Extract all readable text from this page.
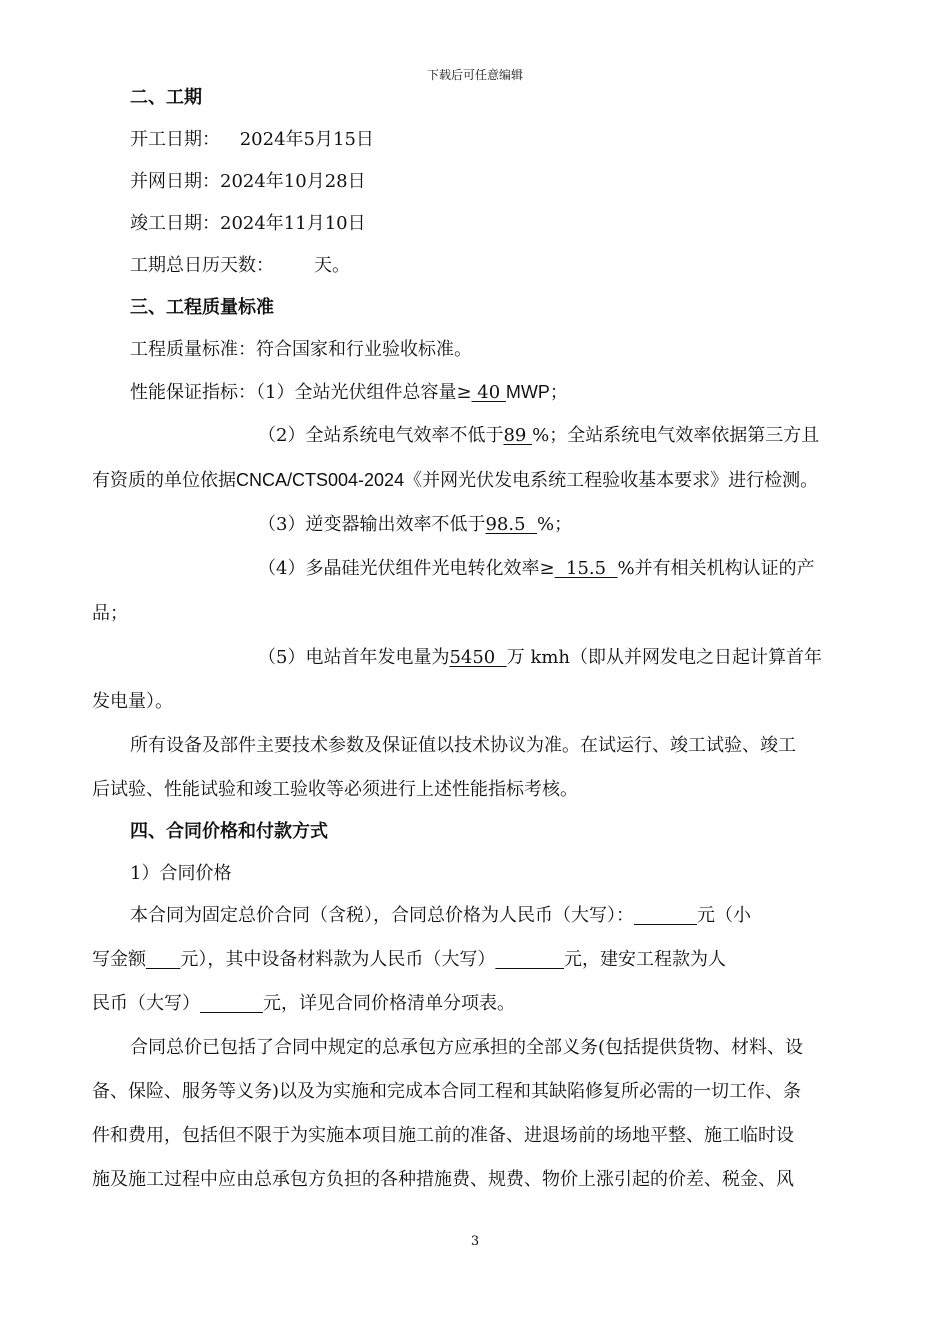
下载后可任意编辑
二、工期
开工日期： 2024年5月15日
并网日期：2024年10月28日
竣工日期：2024年11月10日
工期总日历天数： 天。
三、工程质量标准
工程质量标准：符合国家和行业验收标准。
性能保证指标：（1）全站光伏组件总容量≥ 40 MWP；
（2）全站系统电气效率不低于89 %；全站系统电气效率依据第三方且
有资质的单位依据CNCA/CTS004-2024《并网光伏发电系统工程验收基本要求》进行检测。
（3）逆变器输出效率不低于98.5  %；
（4）多晶硅光伏组件光电转化效率≥  15.5  %并有相关机构认证的产
品；
（5）电站首年发电量为5450  万 kmh（即从并网发电之日起计算首年
发电量）。
所有设备及部件主要技术参数及保证值以技术协议为准。在试运行、竣工试验、竣工
后试验、性能试验和竣工验收等必须进行上述性能指标考核。
四、合同价格和付款方式
1）合同价格
本合同为固定总价合同（含税），合同总价格为人民币（大写）：	元（小
写金额 元），其中设备材料款为人民币（大写）	元，建安工程款为人
民币（大写）	元，详见合同价格清单分项表。
合同总价已包括了合同中规定的总承包方应承担的全部义务(包括提供货物、材料、设
备、保险、服务等义务)以及为实施和完成本合同工程和其缺陷修复所必需的一切工作、条
件和费用，包括但不限于为实施本项目施工前的准备、进退场前的场地平整、施工临时设
施及施工过程中应由总承包方负担的各种措施费、规费、物价上涨引起的价差、税金、风
3
